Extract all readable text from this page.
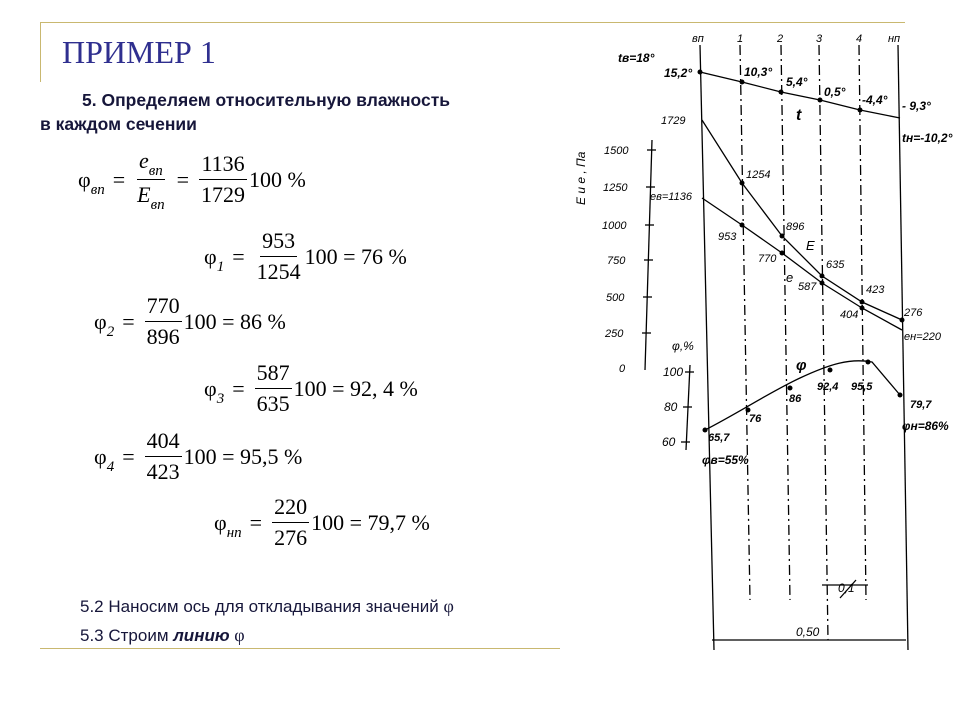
ПРИМЕР 1
5. Определяем относительную влажность
в каждом сечении
$\varphi_{вп} = \frac{e_{вп}}{E_{вп}} = \frac{1136}{1729} 100$ %
$\varphi_1 = \frac{953}{1254} 100 = 76$ %
$\varphi_2 = \frac{770}{896} 100 = 86$ %
$\varphi_3 = \frac{587}{635} 100 = 92$, 4 %
$\varphi_4 = \frac{404}{423} 100 = 95,5$ %
$\varphi_{нп} = \frac{220}{276} 100 = 79,7$ %
5.2 Наносим ось для откладывания значений φ
5.3 Строим линию φ
вп	1	2	3	4 нп
tв=18°
15,2°	10,3°
5,4°
0,5°
-4,4° - 9,3°
t
tн=-10,2°
E и e , Па
1500
1250
1000
750
500
250
0
1729
1254
896
635
423
276
E
eв=1136
953
770
587
404
eн=220
e
φ,%
100
80
60	65,7
76
86
92,4 95,5
79,7
φ
φв=55%
φн=86%
0,1
0,50
